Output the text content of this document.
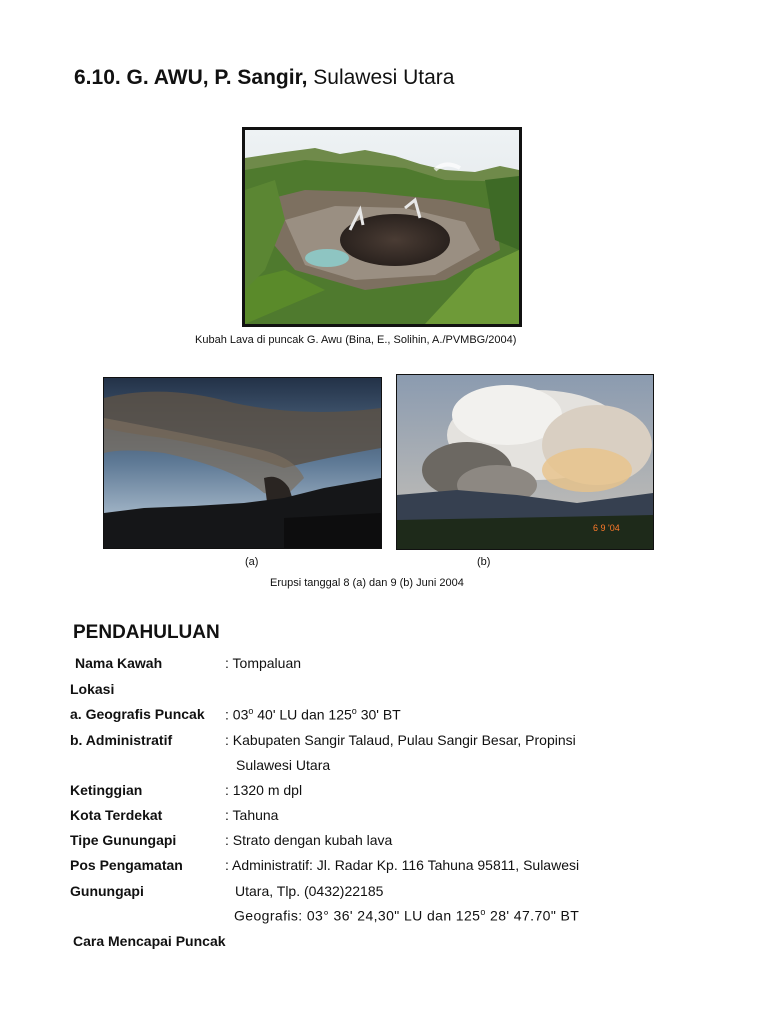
6.10. G. AWU, P. Sangir, Sulawesi Utara
Kubah Lava di puncak G. Awu (Bina, E., Solihin, A./PVMBG/2004)
6 9 '04
(a)	(b)
Erupsi tanggal 8 (a) dan 9 (b) Juni 2004
PENDAHULUAN
Nama Kawah	: Tompaluan
Lokasi
a. Geografis Puncak : 03$^o$ 40' LU dan 125$^o$ 30' BT
b. Administratif	: Kabupaten Sangir Talaud, Pulau Sangir Besar, Propinsi
Sulawesi Utara
Ketinggian	: 1320 m dpl
Kota Terdekat	: Tahuna
Tipe Gunungapi	: Strato dengan kubah lava
Pos Pengamatan	: Administratif: Jl. Radar Kp. 116 Tahuna 95811, Sulawesi
Gunungapi	Utara, Tlp. (0432)22185
Geografis: 03° 36' 24,30" LU dan 125$^o$ 28' 47.70" BT
Cara Mencapai Puncak
